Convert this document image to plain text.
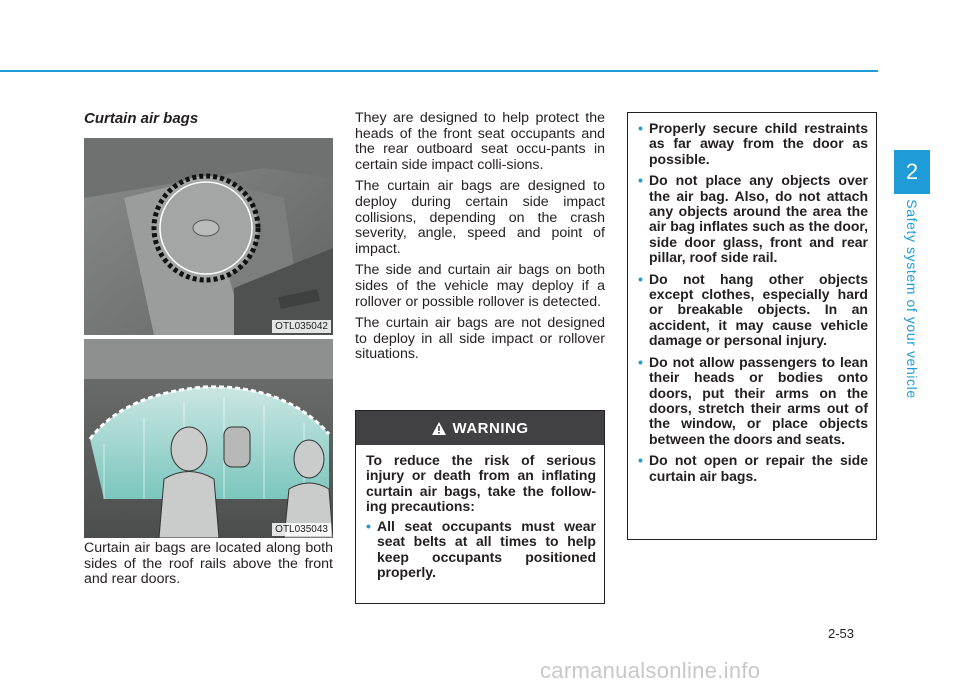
2
Safety system of your vehicle
Curtain air bags
OTL035042
OTL035043

Curtain air bags are located along both sides of the roof rails above the front and rear doors.

They are designed to help protect the heads of the front seat occupants and the rear outboard seat occu-pants in certain side impact colli-sions.

The curtain air bags are designed to deploy during certain side impact collisions, depending on the crash severity, angle, speed and point of impact.

The side and curtain air bags on both sides of the vehicle may deploy if a rollover or possible rollover is detected.

The curtain air bags are not designed to deploy in all side impact or rollover situations.

WARNING

To reduce the risk of serious injury or death from an inflating curtain air bags, take the follow-ing precautions:

• All seat occupants must wear seat belts at all times to help keep occupants positioned properly.
• Properly secure child restraints as far away from the door as possible.
• Do not place any objects over the air bag. Also, do not attach any objects around the area the air bag inflates such as the door, side door glass, front and rear pillar, roof side rail.
• Do not hang other objects except clothes, especially hard or breakable objects. In an accident, it may cause vehicle damage or personal injury.
• Do not allow passengers to lean their heads or bodies onto doors, put their arms on the doors, stretch their arms out of the window, or place objects between the doors and seats.
• Do not open or repair the side curtain air bags.
2-53
carmanualsonline.info
